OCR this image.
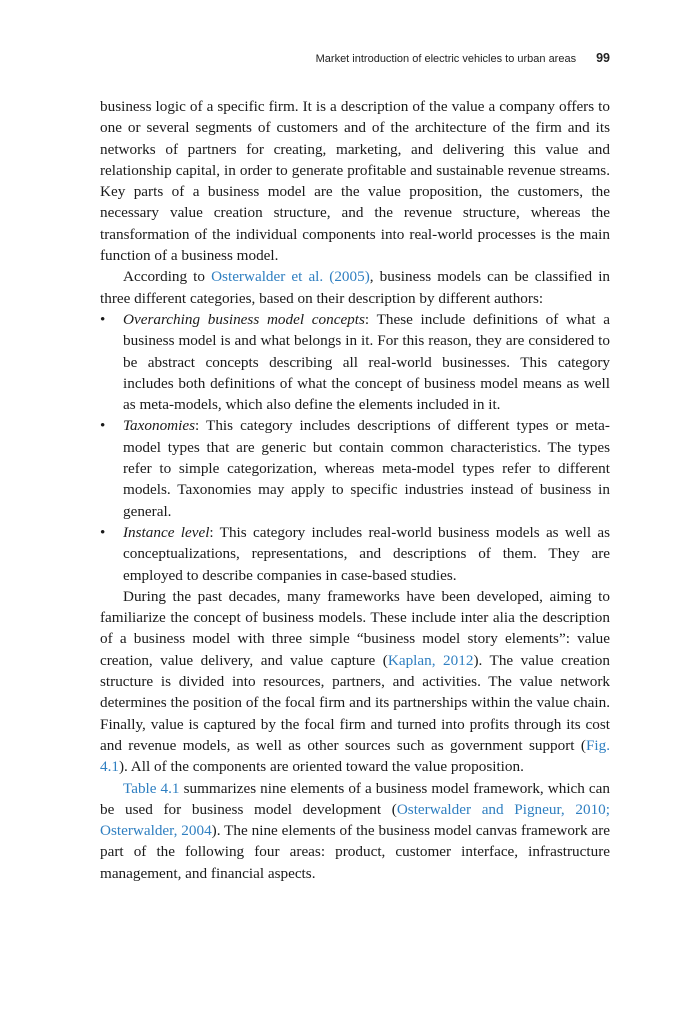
Market introduction of electric vehicles to urban areas 99

business logic of a specific firm. It is a description of the value a company offers to one or several segments of customers and of the architecture of the firm and its networks of partners for creating, marketing, and delivering this value and relationship capital, in order to generate profitable and sustainable revenue streams. Key parts of a business model are the value proposition, the customers, the necessary value creation structure, and the revenue structure, whereas the transformation of the individual components into real-world processes is the main function of a business model.

According to Osterwalder et al. (2005), business models can be classified in three different categories, based on their description by different authors:

• Overarching business model concepts: These include definitions of what a business model is and what belongs in it. For this reason, they are considered to be abstract concepts describing all real-world businesses. This category includes both definitions of what the concept of business model means as well as meta-models, which also define the elements included in it.
• Taxonomies: This category includes descriptions of different types or meta-model types that are generic but contain common characteristics. The types refer to simple categorization, whereas meta-model types refer to different models. Taxonomies may apply to specific industries instead of business in general.
• Instance level: This category includes real-world business models as well as conceptualizations, representations, and descriptions of them. They are employed to describe companies in case-based studies.

During the past decades, many frameworks have been developed, aiming to familiarize the concept of business models. These include inter alia the description of a business model with three simple “business model story elements”: value creation, value delivery, and value capture (Kaplan, 2012). The value creation structure is divided into resources, partners, and activities. The value network determines the position of the focal firm and its partnerships within the value chain. Finally, value is captured by the focal firm and turned into profits through its cost and revenue models, as well as other sources such as government support (Fig. 4.1). All of the components are oriented toward the value proposition.

Table 4.1 summarizes nine elements of a business model framework, which can be used for business model development (Osterwalder and Pigneur, 2010; Osterwalder, 2004). The nine elements of the business model canvas framework are part of the following four areas: product, customer interface, infrastructure management, and financial aspects.
